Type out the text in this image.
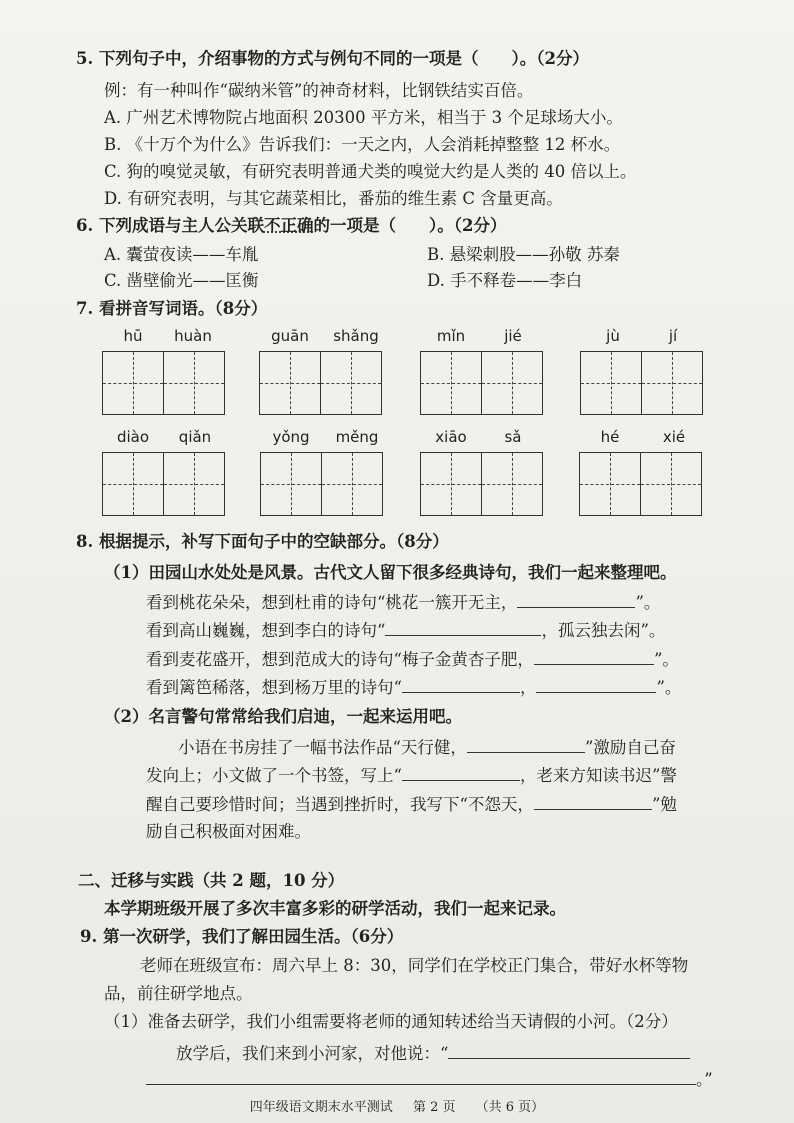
5. 下列句子中，介绍事物的方式与例句不同的一项是（　　）。（2分）
例：有一种叫作“碳纳米管”的神奇材料，比钢铁结实百倍。
A. 广州艺术博物院占地面积 20300 平方米，相当于 3 个足球场大小。
B. 《十万个为什么》告诉我们：一天之内，人会消耗掉整整 12 杯水。
C. 狗的嗅觉灵敏，有研究表明普通犬类的嗅觉大约是人类的 40 倍以上。
D. 有研究表明，与其它蔬菜相比，番茄的维生素 C 含量更高。
6. 下列成语与主人公关联不正确的一项是（　　）。（2分）
A. 囊萤夜读——车胤	B. 悬梁刺股——孙敬 苏秦
C. 凿壁偷光——匡衡	D. 手不释卷——李白
7. 看拼音写词语。（8分）
hū	huàn	guān	shǎng	mǐn	jié	jù	jí
diào	qiǎn	yǒng	měng	xiāo	sǎ	hé	xié
8. 根据提示，补写下面句子中的空缺部分。（8分）
（1）田园山水处处是风景。古代文人留下很多经典诗句，我们一起来整理吧。
看到桃花朵朵，想到杜甫的诗句“桃花一簇开无主，	”。
看到高山巍巍，想到李白的诗句“	，孤云独去闲”。
看到麦花盛开，想到范成大的诗句“梅子金黄杏子肥，	”。
看到篱笆稀落，想到杨万里的诗句“	，	”。
（2）名言警句常常给我们启迪，一起来运用吧。
小语在书房挂了一幅书法作品“天行健，	”激励自己奋
发向上；小文做了一个书签，写上“	，老来方知读书迟”警
醒自己要珍惜时间；当遇到挫折时，我写下“不怨天，	”勉
励自己积极面对困难。
二、迁移与实践（共 2 题，10 分）
本学期班级开展了多次丰富多彩的研学活动，我们一起来记录。
9. 第一次研学，我们了解田园生活。（6分）
老师在班级宣布：周六早上 8：30，同学们在学校正门集合，带好水杯等物
品，前往研学地点。
（1）准备去研学，我们小组需要将老师的通知转述给当天请假的小河。（2分）
放学后，我们来到小河家，对他说：“
。”
四年级语文期末水平测试 第 2 页 （共 6 页）
